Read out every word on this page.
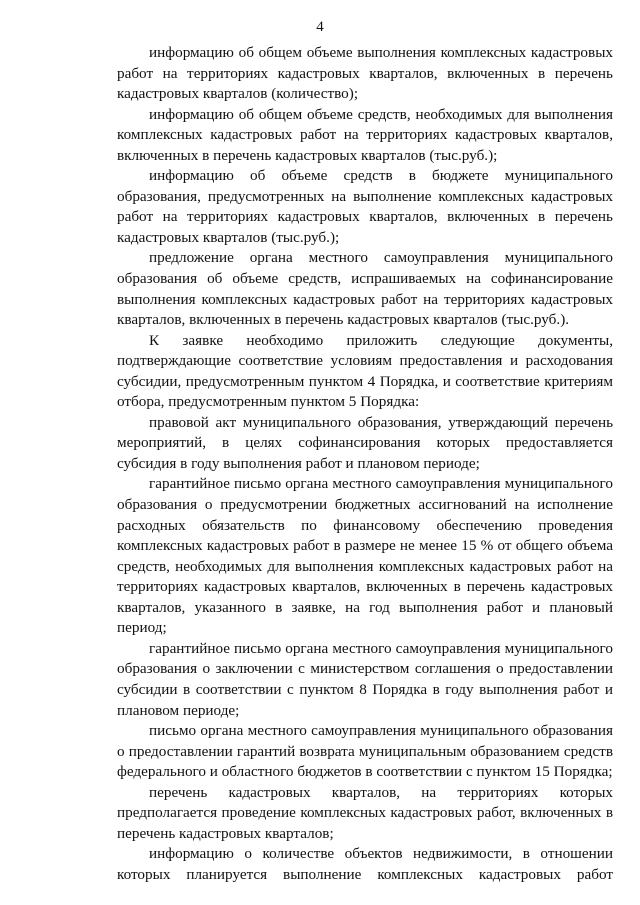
4

информацию об общем объеме выполнения комплексных кадастровых работ на территориях кадастровых кварталов, включенных в перечень кадастровых кварталов (количество);

информацию об общем объеме средств, необходимых для выполнения комплексных кадастровых работ на территориях кадастровых кварталов, включенных в перечень кадастровых кварталов (тыс.руб.);

информацию об объеме средств в бюджете муниципального образования, предусмотренных на выполнение комплексных кадастровых работ на территориях кадастровых кварталов, включенных в перечень кадастровых кварталов (тыс.руб.);

предложение органа местного самоуправления муниципального образования об объеме средств, испрашиваемых на софинансирование выполнения комплексных кадастровых работ на территориях кадастровых кварталов, включенных в перечень кадастровых кварталов (тыс.руб.).

К заявке необходимо приложить следующие документы, подтверждающие соответствие условиям предоставления и расходования субсидии, предусмотренным пунктом 4 Порядка, и соответствие критериям отбора, предусмотренным пунктом 5 Порядка:

правовой акт муниципального образования, утверждающий перечень мероприятий, в целях софинансирования которых предоставляется субсидия в году выполнения работ и плановом периоде;

гарантийное письмо органа местного самоуправления муниципального образования о предусмотрении бюджетных ассигнований на исполнение расходных обязательств по финансовому обеспечению проведения комплексных кадастровых работ в размере не менее 15 % от общего объема средств, необходимых для выполнения комплексных кадастровых работ на территориях кадастровых кварталов, включенных в перечень кадастровых кварталов, указанного в заявке, на год выполнения работ и плановый период;

гарантийное письмо органа местного самоуправления муниципального образования о заключении с министерством соглашения о предоставлении субсидии в соответствии с пунктом 8 Порядка в году выполнения работ и плановом периоде;

письмо органа местного самоуправления муниципального образования о предоставлении гарантий возврата муниципальным образованием средств федерального и областного бюджетов в соответствии с пунктом 15 Порядка;

перечень кадастровых кварталов, на территориях которых предполагается проведение комплексных кадастровых работ, включенных в перечень кадастровых кварталов;

информацию о количестве объектов недвижимости, в отношении которых планируется выполнение комплексных кадастровых работ
